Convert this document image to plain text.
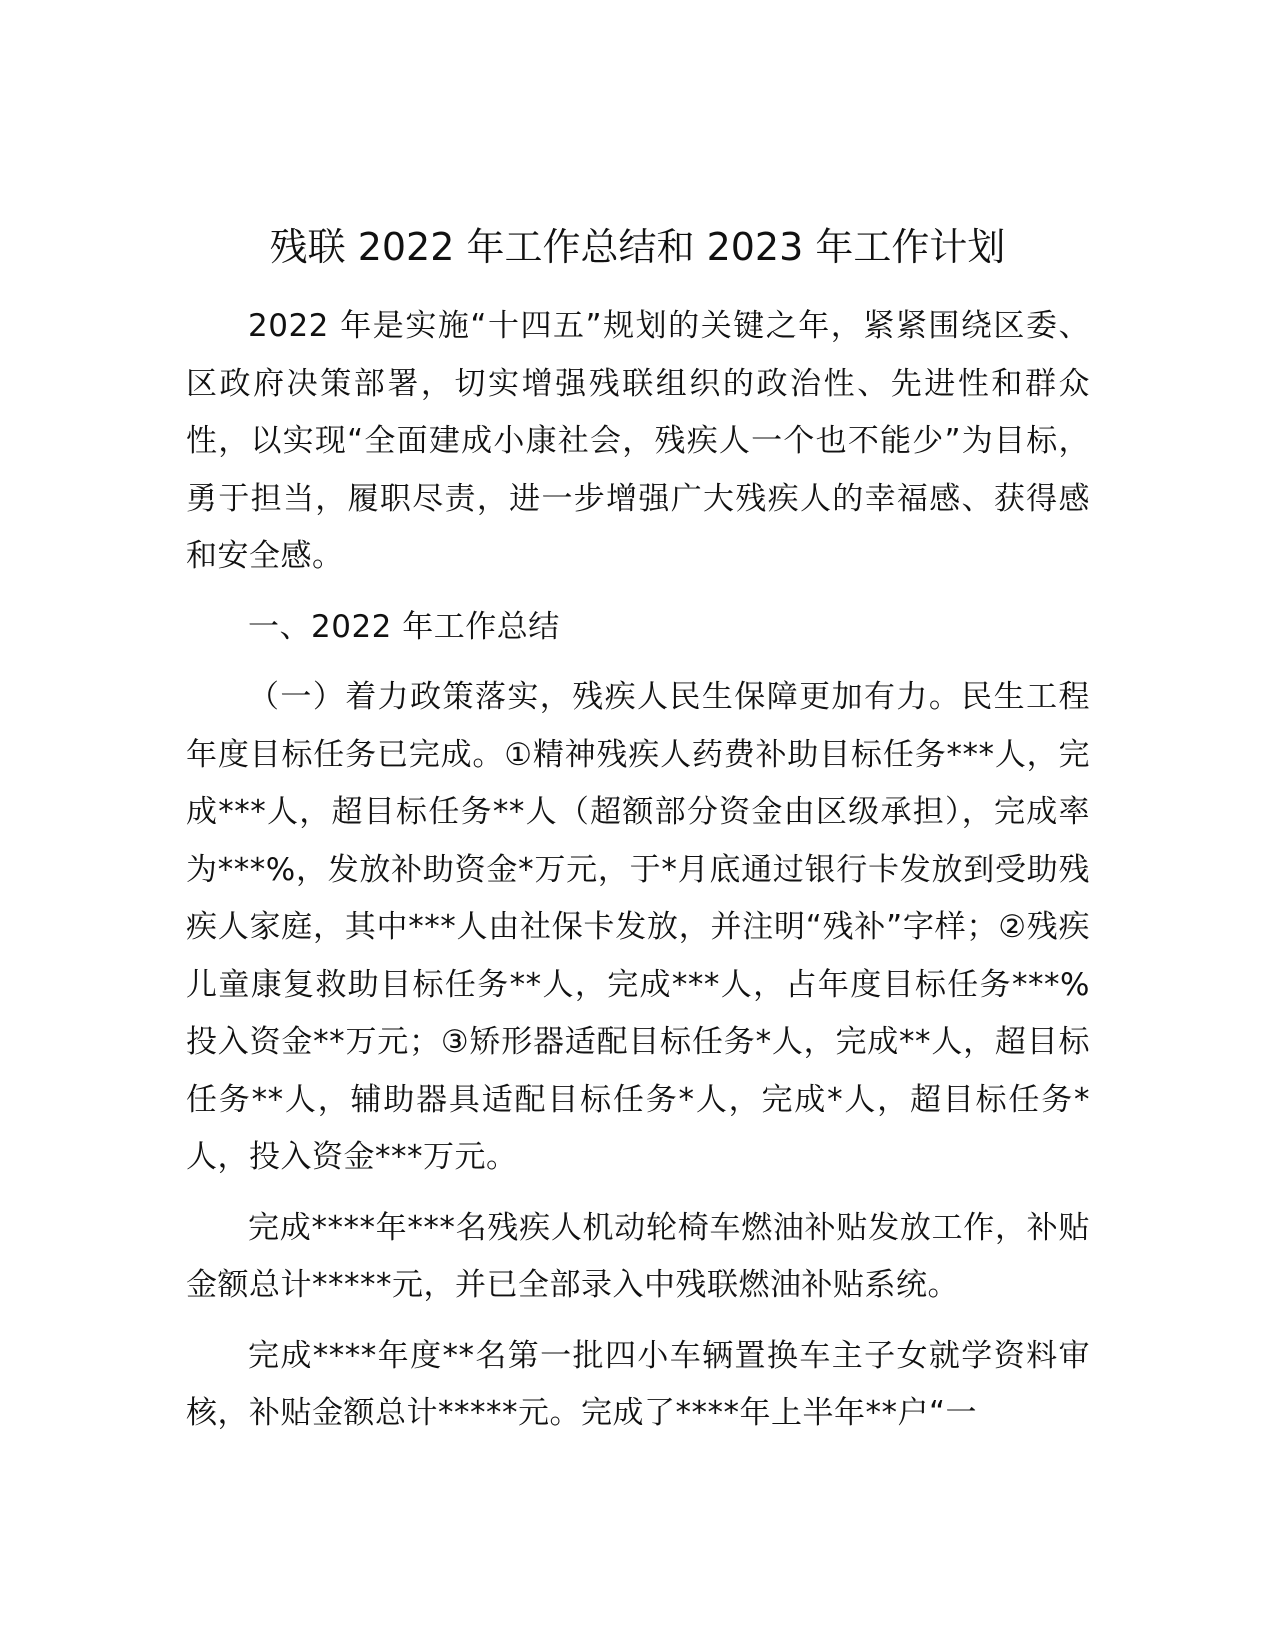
残联 2022 年工作总结和 2023 年工作计划

2022 年是实施“十四五”规划的关键之年，紧紧围绕区委、区政府决策部署，切实增强残联组织的政治性、先进性和群众性，以实现“全面建成小康社会，残疾人一个也不能少”为目标，勇于担当，履职尽责，进一步增强广大残疾人的幸福感、获得感和安全感。

一、2022 年工作总结

（一）着力政策落实，残疾人民生保障更加有力。民生工程年度目标任务已完成。①精神残疾人药费补助目标任务***人，完成***人，超目标任务**人（超额部分资金由区级承担），完成率为***%，发放补助资金*万元，于*月底通过银行卡发放到受助残疾人家庭，其中***人由社保卡发放，并注明“残补”字样；②残疾儿童康复救助目标任务**人，完成***人，占年度目标任务***%投入资金**万元；③矫形器适配目标任务*人，完成**人，超目标任务**人，辅助器具适配目标任务*人，完成*人，超目标任务*人，投入资金***万元。

完成****年***名残疾人机动轮椅车燃油补贴发放工作，补贴金额总计*****元，并已全部录入中残联燃油补贴系统。

完成****年度**名第一批四小车辆置换车主子女就学资料审核，补贴金额总计*****元。完成了****年上半年**户“一
